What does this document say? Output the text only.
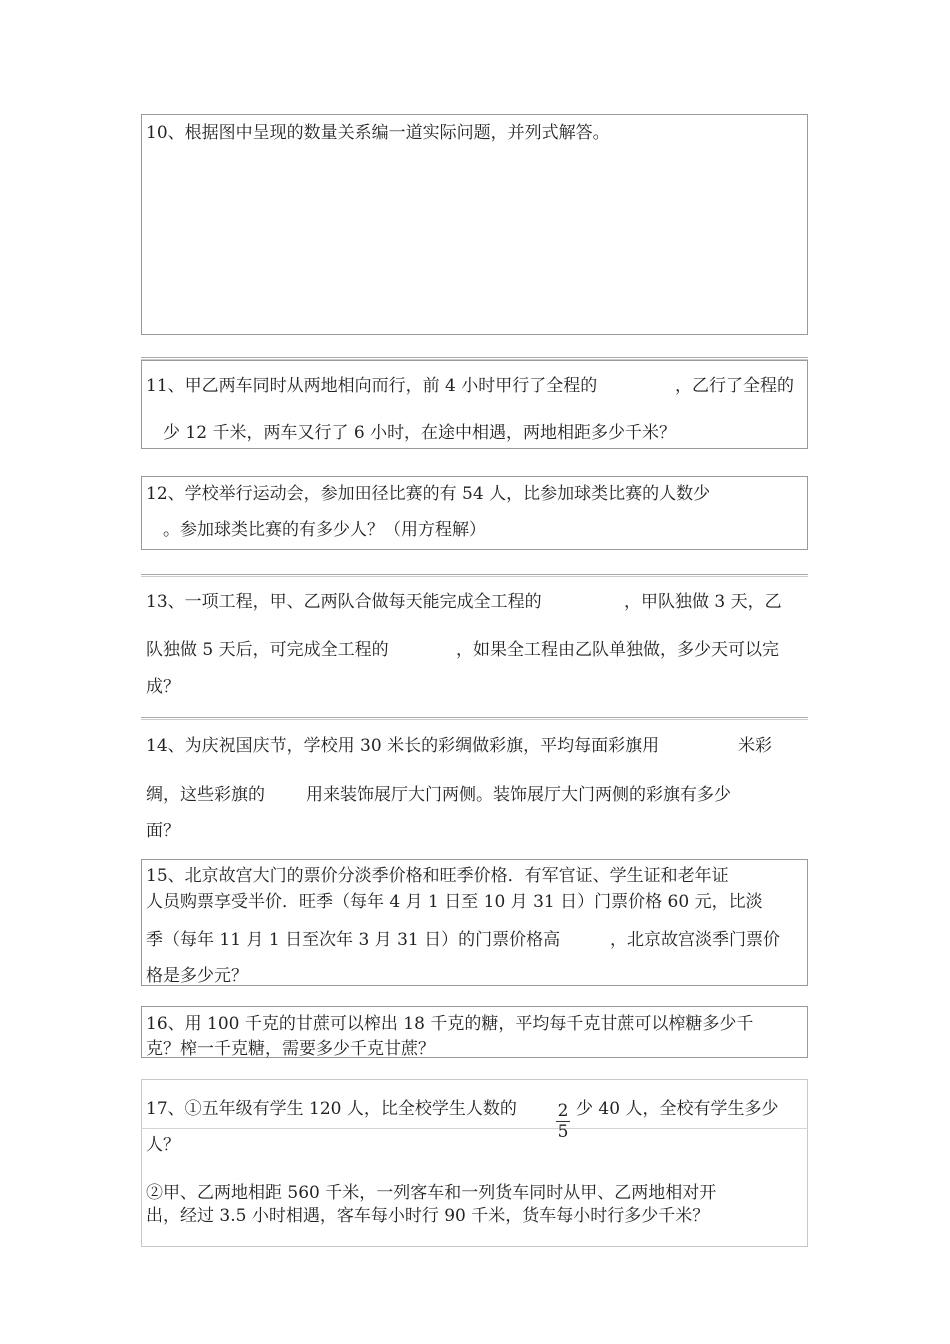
10、根据图中呈现的数量关系编一道实际问题，并列式解答。
11、甲乙两车同时从两地相向而行，前 4 小时甲行了全程的	，乙行了全程的
少 12 千米，两车又行了 6 小时，在途中相遇，两地相距多少千米？
12、学校举行运动会，参加田径比赛的有 54 人，比参加球类比赛的人数少
。参加球类比赛的有多少人？（用方程解）
13、一项工程，甲、乙两队合做每天能完成全工程的	，甲队独做 3 天，乙
队独做 5 天后，可完成全工程的	，如果全工程由乙队单独做，多少天可以完
成？
14、为庆祝国庆节，学校用 30 米长的彩绸做彩旗，平均每面彩旗用	米彩
绸，这些彩旗的 用来装饰展厅大门两侧。装饰展厅大门两侧的彩旗有多少
面？
15、北京故宫大门的票价分淡季价格和旺季价格．有军官证、学生证和老年证
人员购票享受半价．旺季（每年 4 月 1 日至 10 月 31 日）门票价格 60 元，比淡
季（每年 11 月 1 日至次年 3 月 31 日）的门票价格高	，北京故宫淡季门票价
格是多少元？
16、用 100 千克的甘蔗可以榨出 18 千克的糖，平均每千克甘蔗可以榨糖多少千
克？榨一千克糖，需要多少千克甘蔗？
17、①五年级有学生 120 人，比全校学生人数的 2
5
少 40 人，全校有学生多少
人？
②甲、乙两地相距 560 千米，一列客车和一列货车同时从甲、乙两地相对开
出，经过 3.5 小时相遇，客车每小时行 90 千米，货车每小时行多少千米？
